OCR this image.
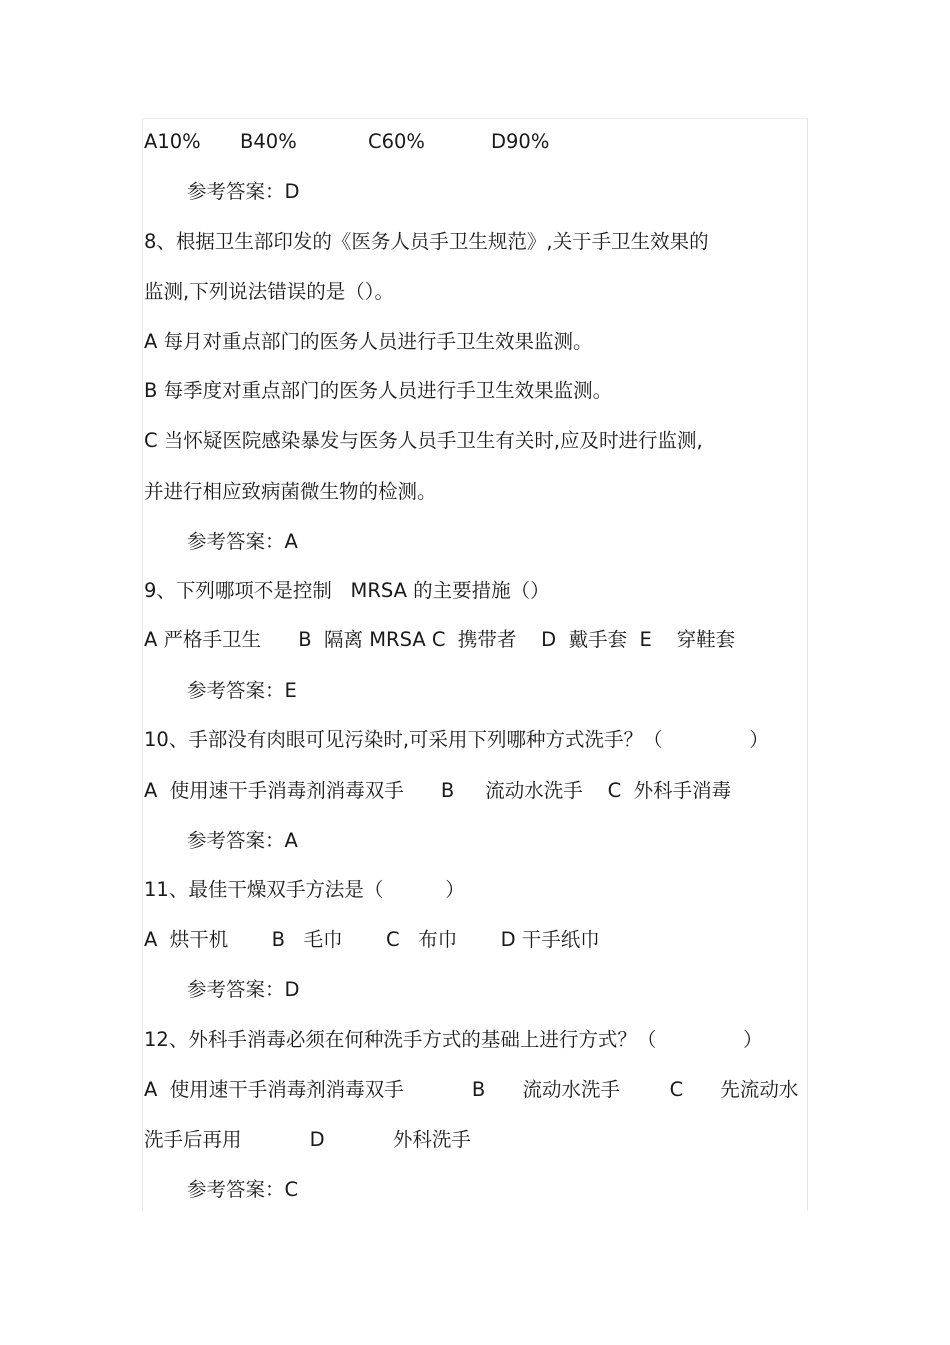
A10% B40%	C60%	D90%
参考答案：D
8、根据卫生部印发的《医务人员手卫生规范》,关于手卫生效果的
监测,下列说法错误的是（）。
A 每月对重点部门的医务人员进行手卫生效果监测。
B 每季度对重点部门的医务人员进行手卫生效果监测。
C 当怀疑医院感染暴发与医务人员手卫生有关时,应及时进行监测,
并进行相应致病菌微生物的检测。
参考答案：A
9、下列哪项不是控制   MRSA 的主要措施（）
A 严格手卫生      B  隔离 MRSA C  携带者    D  戴手套  E    穿鞋套
参考答案：E
10、手部没有肉眼可见污染时,可采用下列哪种方式洗手？（              ）
A  使用速干手消毒剂消毒双手      B     流动水洗手    C  外科手消毒
参考答案：A
11、最佳干燥双手方法是（          ）
A  烘干机       B   毛巾       C   布巾       D 干手纸巾
参考答案：D
12、外科手消毒必须在何种洗手方式的基础上进行方式？（              ）
A  使用速干手消毒剂消毒双手           B      流动水洗手        C      先流动水
洗手后再用           D           外科洗手
参考答案：C
